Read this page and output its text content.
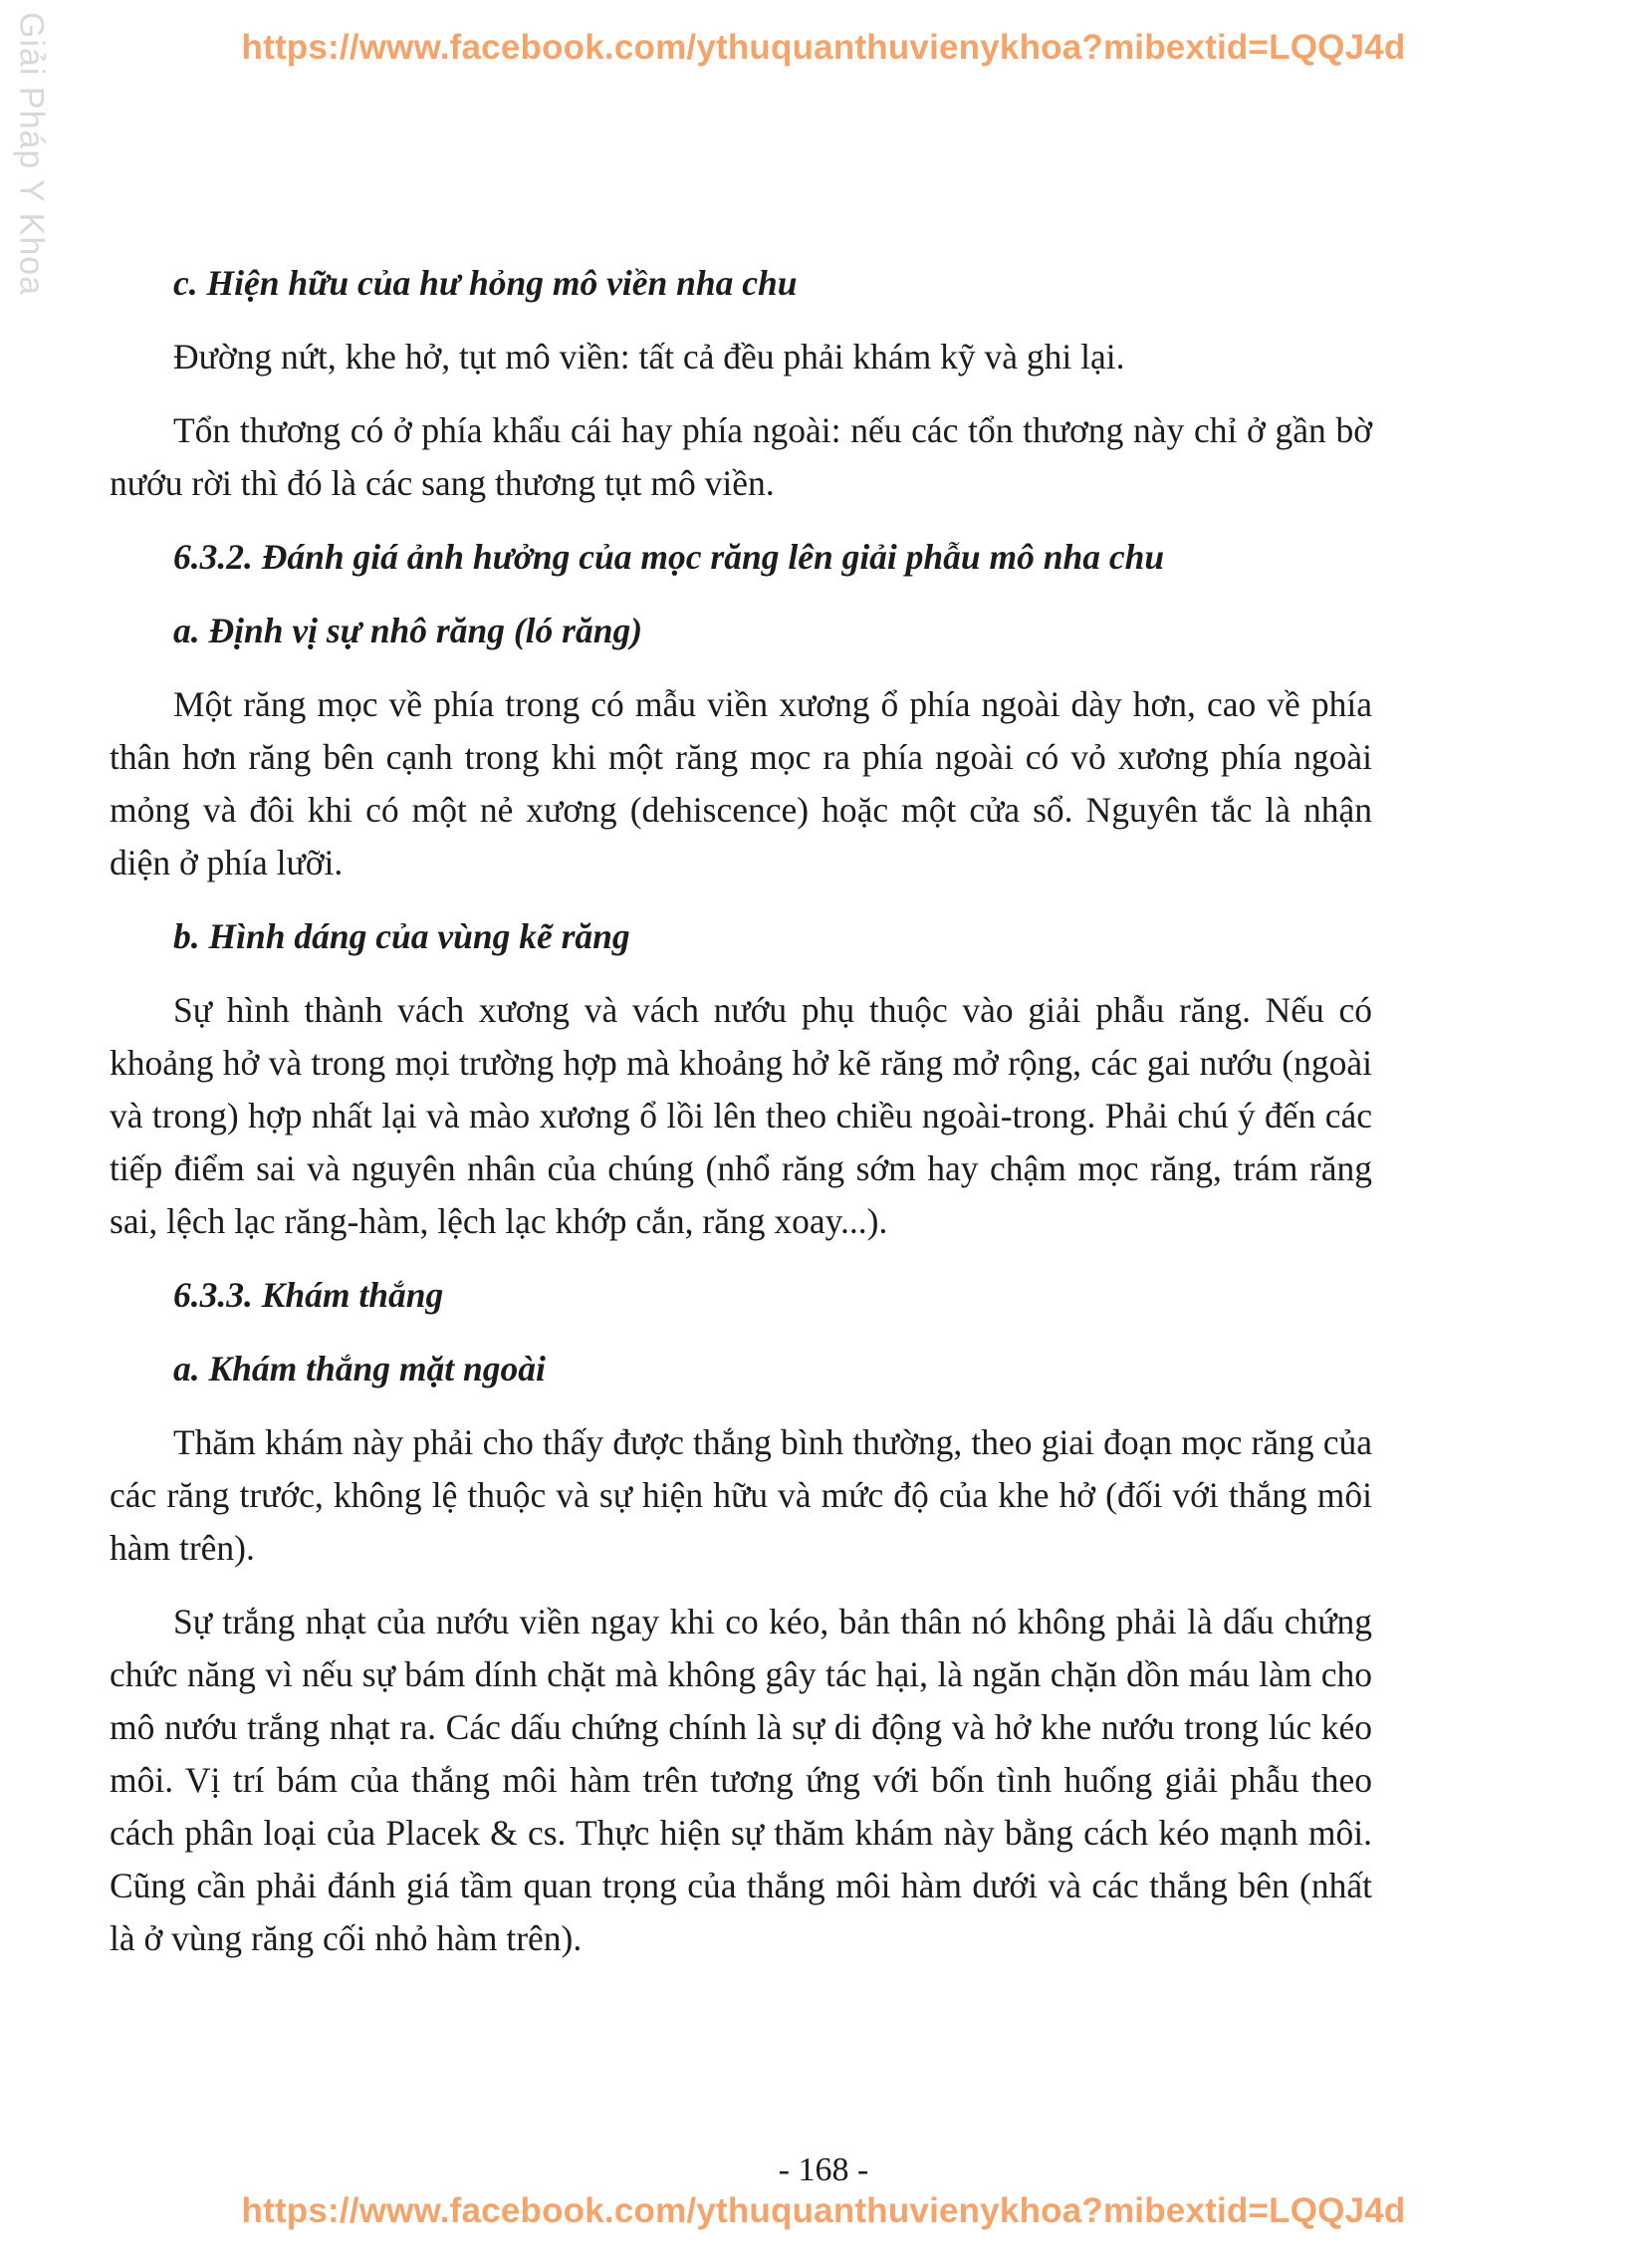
Giải Pháp Y Khoa	https://www.facebook.com/ythuquanthuvienykhoa?mibextid=LQQJ4d
c. Hiện hữu của hư hỏng mô viền nha chu

Đường nứt, khe hở, tụt mô viền: tất cả đều phải khám kỹ và ghi lại.

Tổn thương có ở phía khẩu cái hay phía ngoài: nếu các tổn thương này chỉ ở gần bờ nướu rời thì đó là các sang thương tụt mô viền.

6.3.2. Đánh giá ảnh hưởng của mọc răng lên giải phẫu mô nha chu
a. Định vị sự nhô răng (ló răng)

Một răng mọc về phía trong có mẫu viền xương ổ phía ngoài dày hơn, cao về phía thân hơn răng bên cạnh trong khi một răng mọc ra phía ngoài có vỏ xương phía ngoài mỏng và đôi khi có một nẻ xương (dehiscence) hoặc một cửa sổ. Nguyên tắc là nhận diện ở phía lưỡi.

b. Hình dáng của vùng kẽ răng

Sự hình thành vách xương và vách nướu phụ thuộc vào giải phẫu răng. Nếu có khoảng hở và trong mọi trường hợp mà khoảng hở kẽ răng mở rộng, các gai nướu (ngoài và trong) hợp nhất lại và mào xương ổ lồi lên theo chiều ngoài-trong. Phải chú ý đến các tiếp điểm sai và nguyên nhân của chúng (nhổ răng sớm hay chậm mọc răng, trám răng sai, lệch lạc răng-hàm, lệch lạc khớp cắn, răng xoay...).

6.3.3. Khám thắng
a. Khám thắng mặt ngoài

Thăm khám này phải cho thấy được thắng bình thường, theo giai đoạn mọc răng của các răng trước, không lệ thuộc và sự hiện hữu và mức độ của khe hở (đối với thắng môi hàm trên).

Sự trắng nhạt của nướu viền ngay khi co kéo, bản thân nó không phải là dấu chứng chức năng vì nếu sự bám dính chặt mà không gây tác hại, là ngăn chặn dồn máu làm cho mô nướu trắng nhạt ra. Các dấu chứng chính là sự di động và hở khe nướu trong lúc kéo môi. Vị trí bám của thắng môi hàm trên tương ứng với bốn tình huống giải phẫu theo cách phân loại của Placek & cs. Thực hiện sự thăm khám này bằng cách kéo mạnh môi. Cũng cần phải đánh giá tầm quan trọng của thắng môi hàm dưới và các thắng bên (nhất là ở vùng răng cối nhỏ hàm trên).

- 168 -
https://www.facebook.com/ythuquanthuvienykhoa?mibextid=LQQJ4d
